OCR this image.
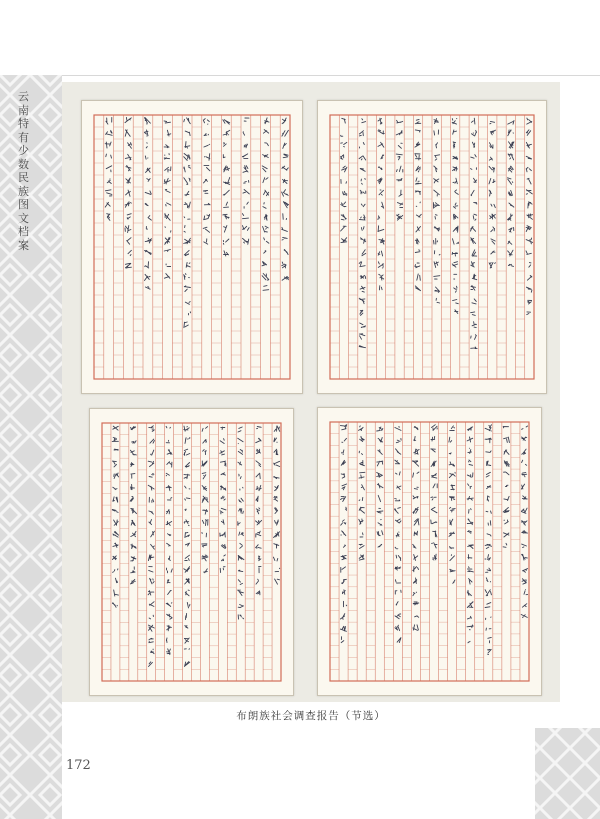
云南特有少数民族图文档案
布朗族社会调查报告（节选）
172
